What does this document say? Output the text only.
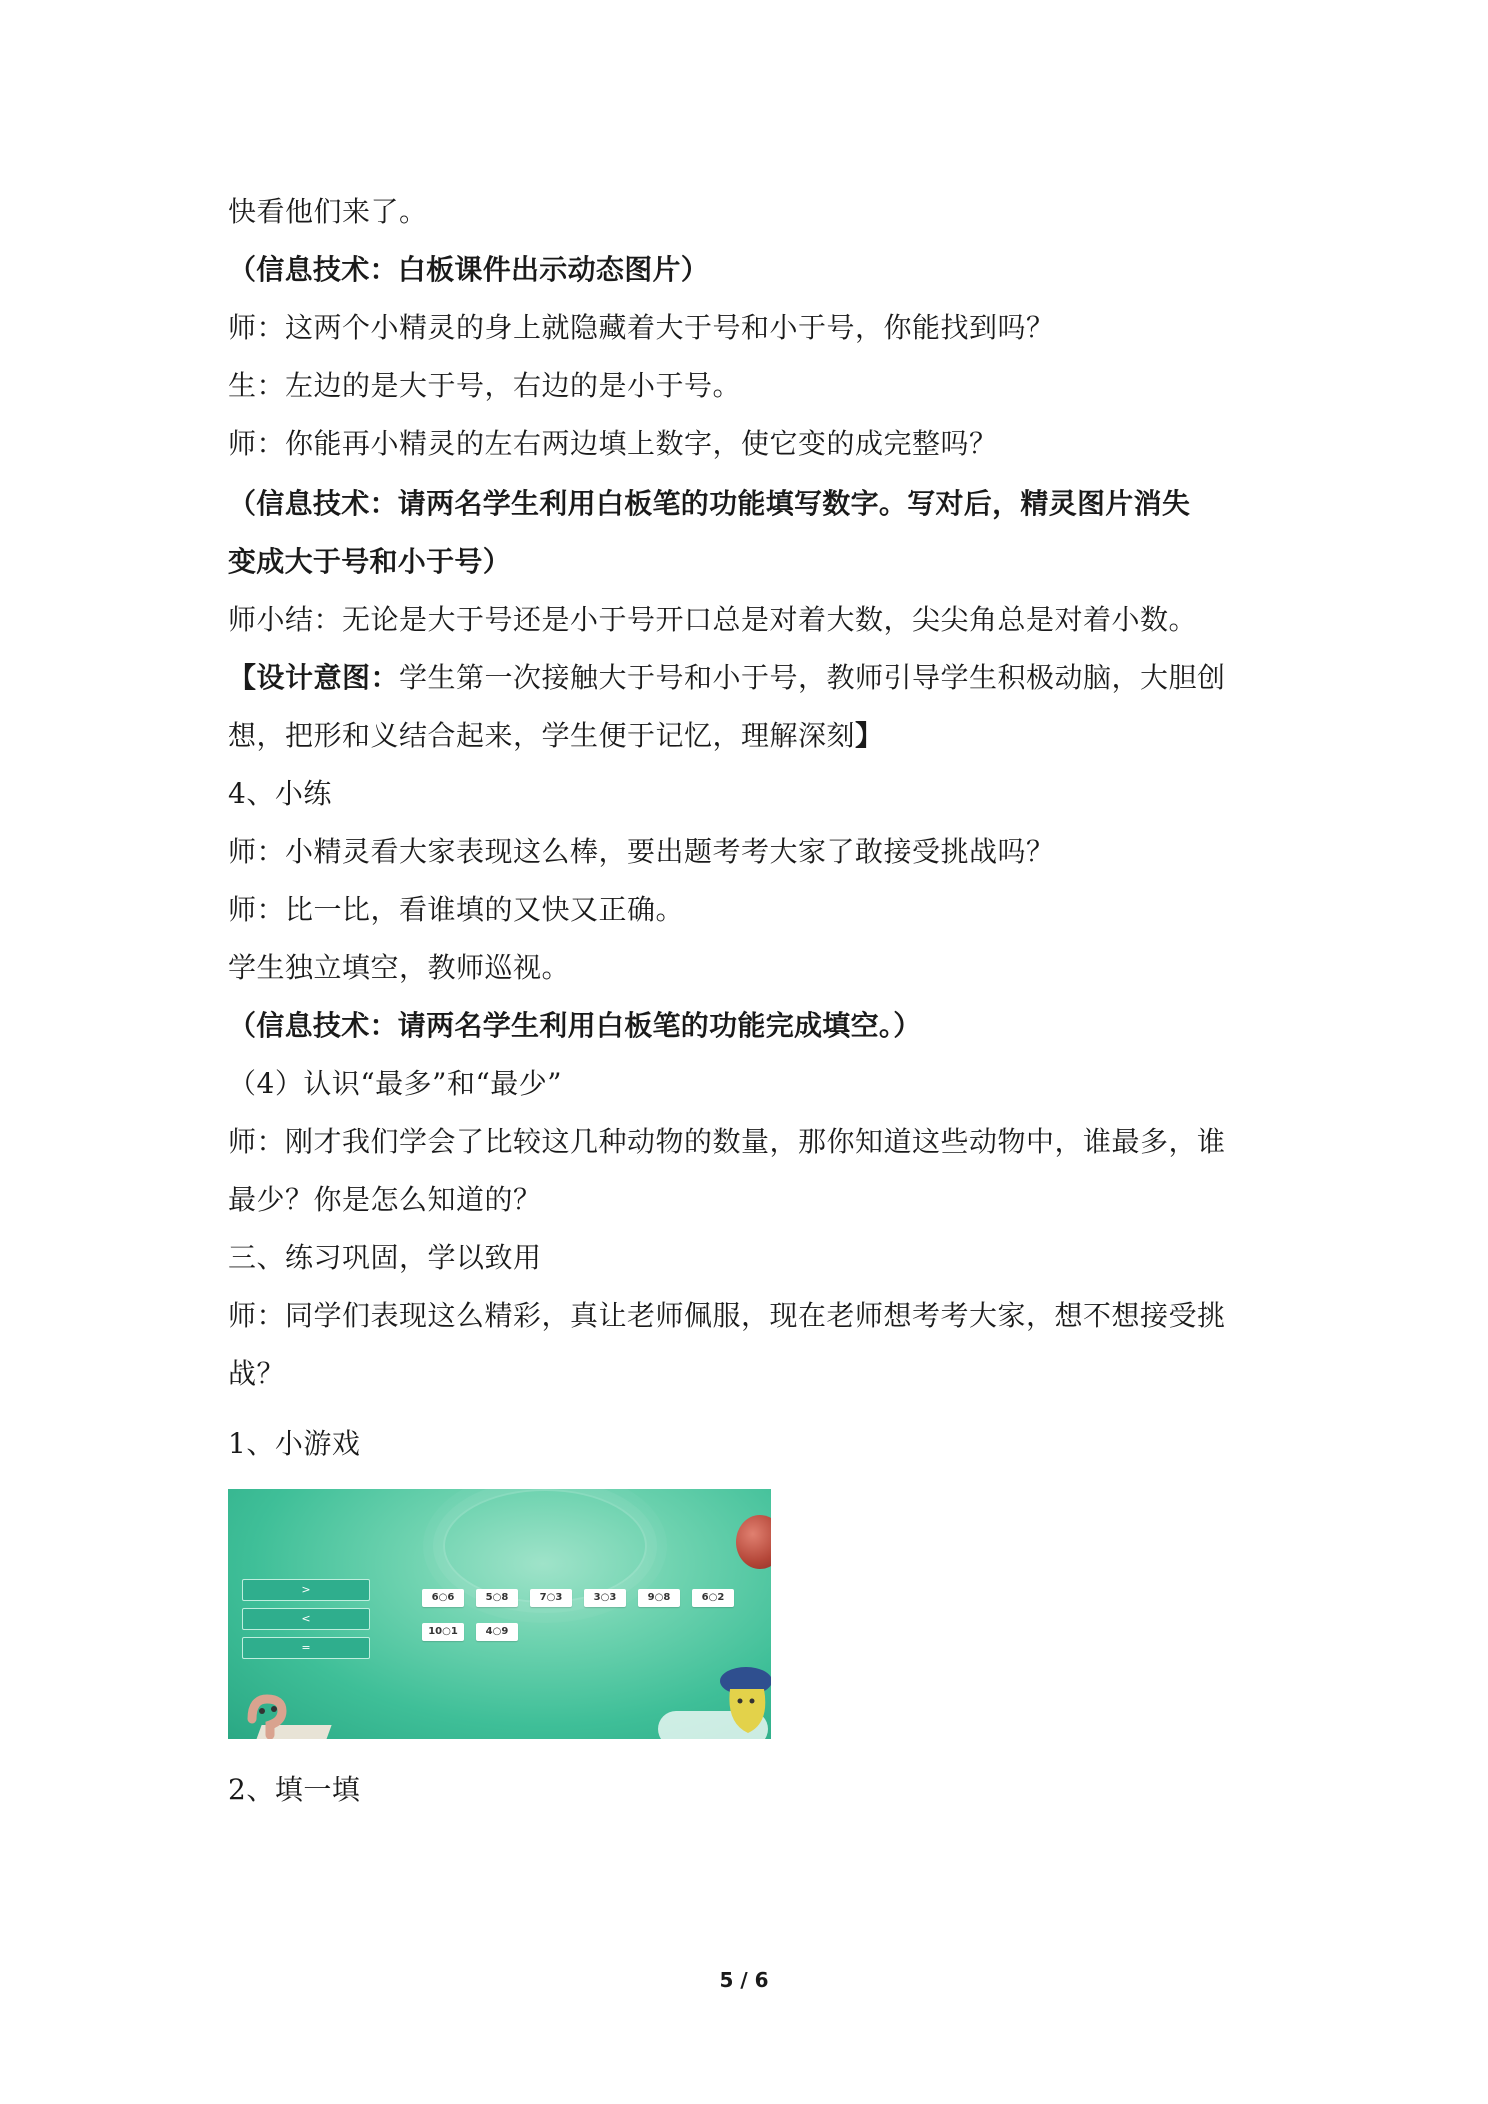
快看他们来了。
（信息技术：白板课件出示动态图片）
师：这两个小精灵的身上就隐藏着大于号和小于号，你能找到吗？
生：左边的是大于号，右边的是小于号。
师：你能再小精灵的左右两边填上数字，使它变的成完整吗？
（信息技术：请两名学生利用白板笔的功能填写数字。写对后，精灵图片消失
变成大于号和小于号）
师小结：无论是大于号还是小于号开口总是对着大数，尖尖角总是对着小数。
【设计意图：学生第一次接触大于号和小于号，教师引导学生积极动脑，大胆创
想，把形和义结合起来，学生便于记忆，理解深刻】
4、小练
师：小精灵看大家表现这么棒，要出题考考大家了敢接受挑战吗？
师：比一比，看谁填的又快又正确。
学生独立填空，教师巡视。
（信息技术：请两名学生利用白板笔的功能完成填空。）
（4）认识“最多”和“最少”
师：刚才我们学会了比较这几种动物的数量，那你知道这些动物中，谁最多，谁
最少？你是怎么知道的？
三、练习巩固，学以致用
师：同学们表现这么精彩，真让老师佩服，现在老师想考考大家，想不想接受挑
战？
1、小游戏
>
<
=
6○6	5○8	7○3	3○3	9○8	6○2
10○1	4○9
2、填一填
5 / 6
